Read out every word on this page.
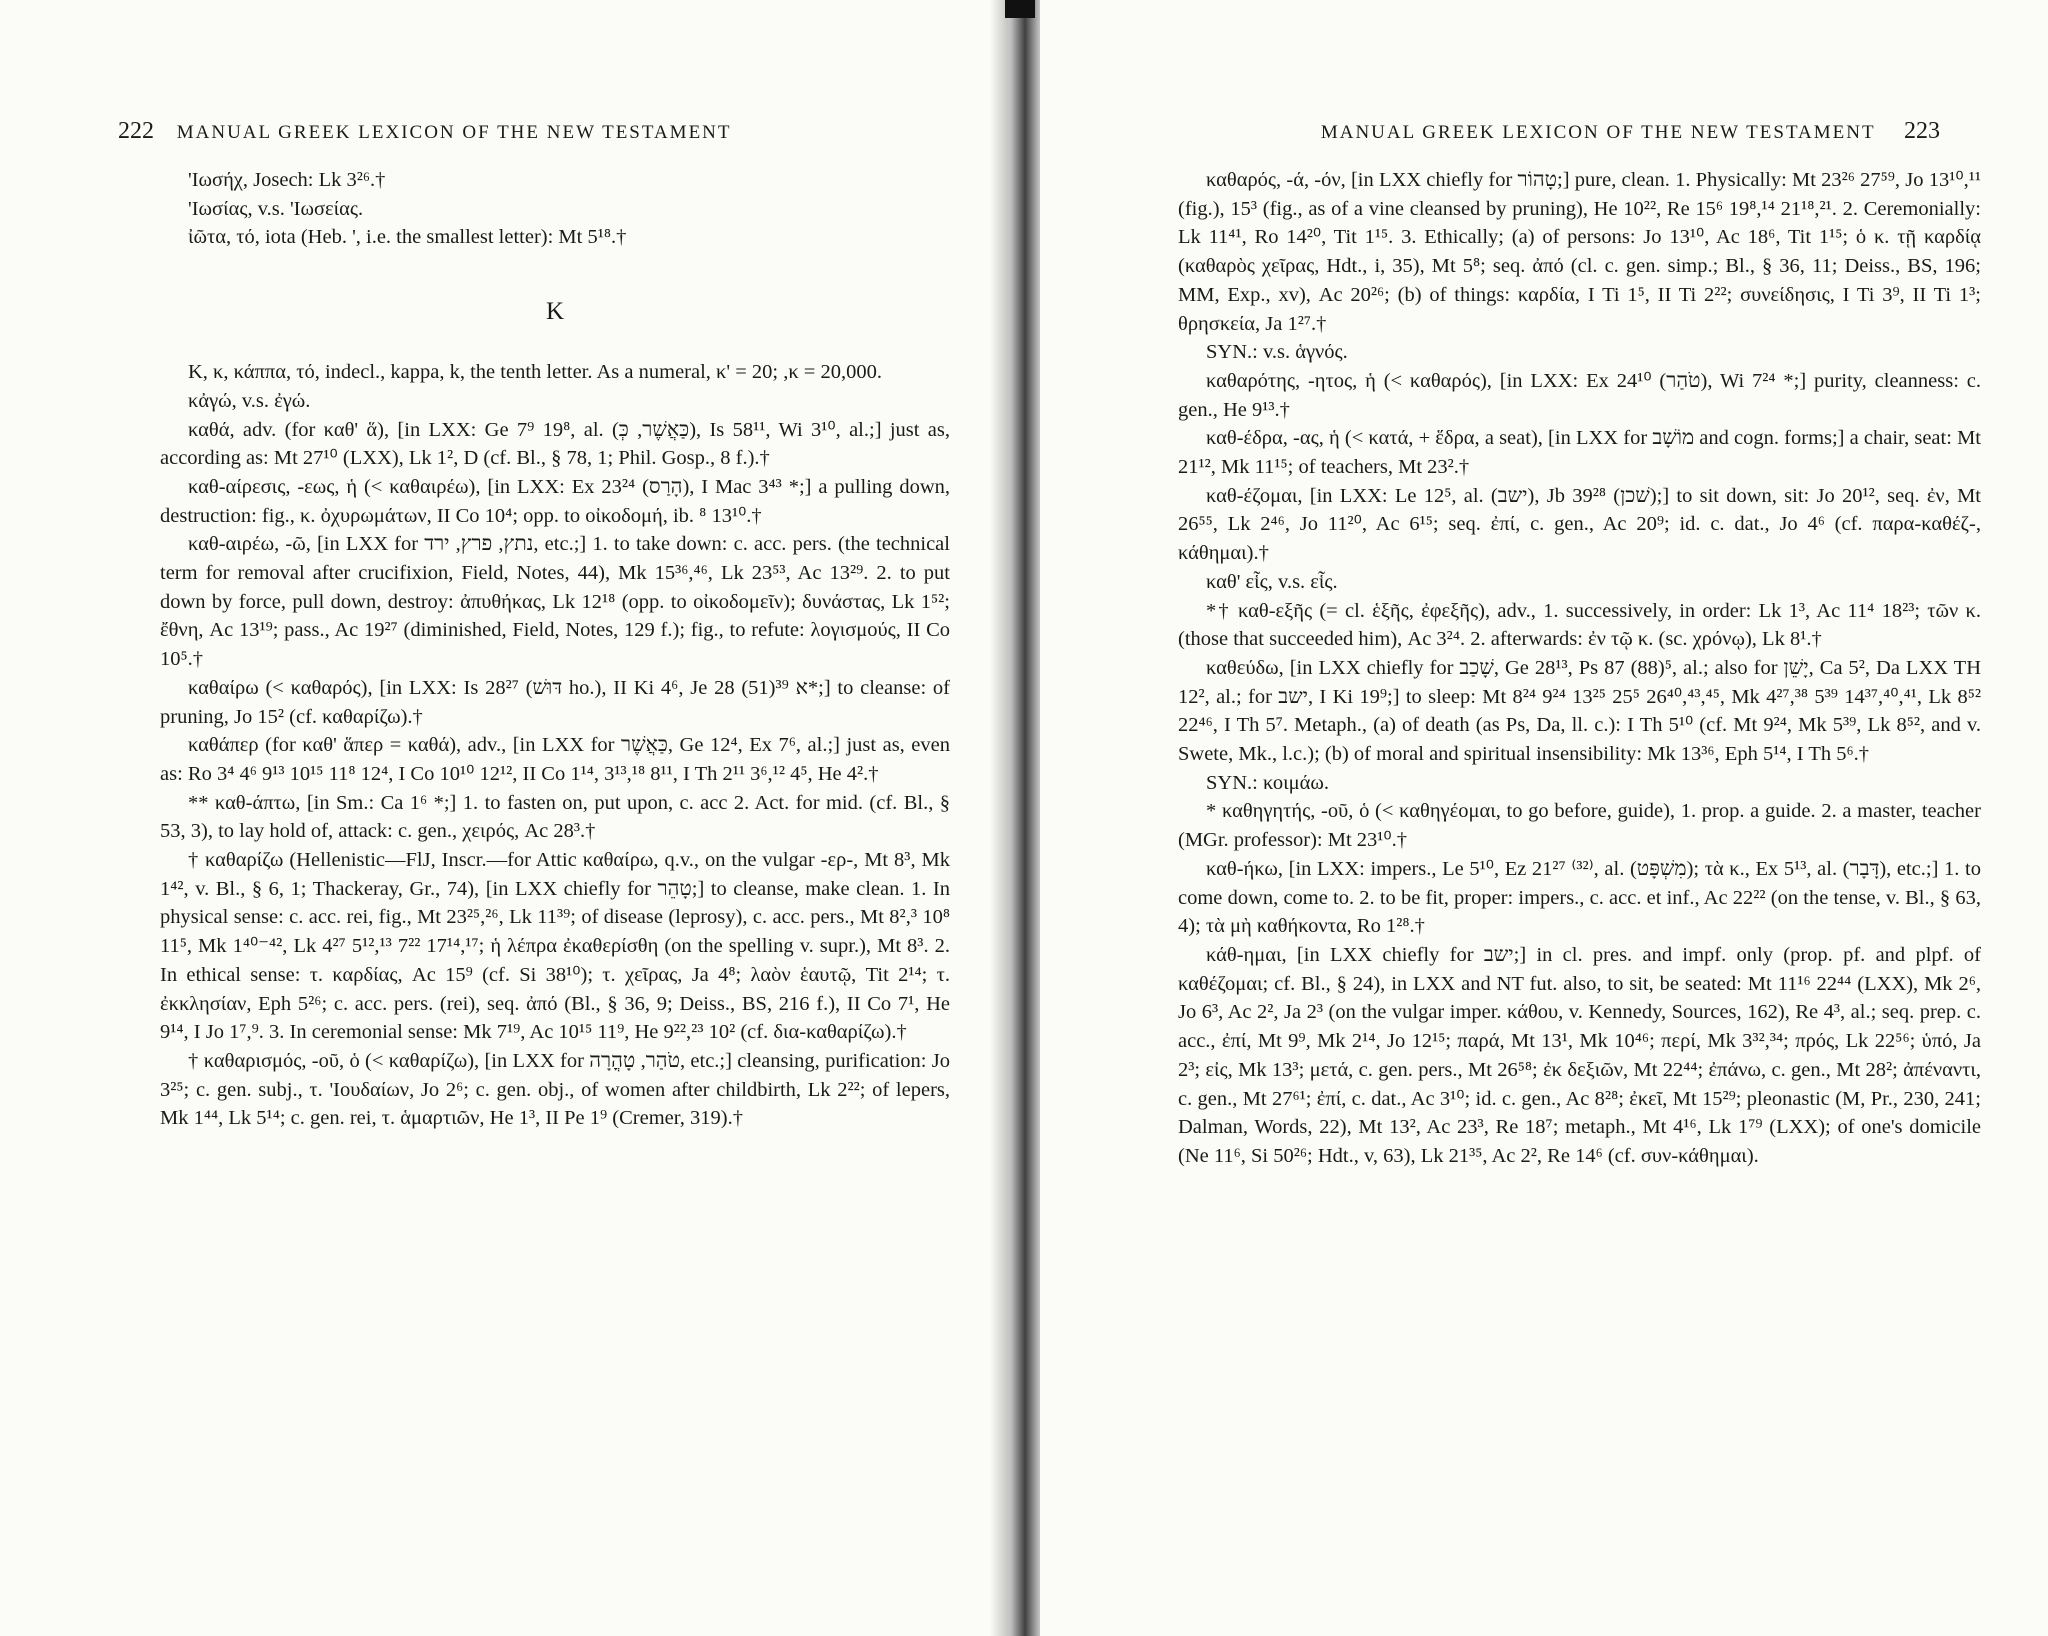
222 MANUAL GREEK LEXICON OF THE NEW TESTAMENT

'Ιωσήχ, Josech: Lk 3²⁶.†

'Ιωσίας, v.s. 'Ιωσείας.

ἰῶτα, τό, iota (Heb. ', i.e. the smallest letter): Mt 5¹⁸.†

K

K, κ, κάππα, τό, indecl., kappa, k, the tenth letter. As a numeral, κ' = 20; ,κ = 20,000.

κἀγώ, v.s. ἐγώ.

καθά, adv. (for καθ' ἅ), [in LXX: Ge 7⁹ 19⁸, al. (כַּאֲשֶׁר, כְּ), Is 58¹¹, Wi 3¹⁰, al.;] just as, according as: Mt 27¹⁰ (LXX), Lk 1², D (cf. Bl., § 78, 1; Phil. Gosp., 8 f.).†

καθ-αίρεσις, -εως, ἡ (< καθαιρέω), [in LXX: Ex 23²⁴ (הָרַס), I Mac 3⁴³ *;] a pulling down, destruction: fig., κ. ὀχυρωμάτων, II Co 10⁴; opp. to οἰκοδομή, ib. ⁸ 13¹⁰.†

καθ-αιρέω, -ῶ, [in LXX for נתץ, פרץ, ירד, etc.;] 1. to take down: c. acc. pers. (the technical term for removal after crucifixion, Field, Notes, 44), Mk 15³⁶,⁴⁶, Lk 23⁵³, Ac 13²⁹. 2. to put down by force, pull down, destroy: ἀπυθήκας, Lk 12¹⁸ (opp. to οἰκοδομεῖν); δυνάστας, Lk 1⁵²; ἔθνη, Ac 13¹⁹; pass., Ac 19²⁷ (diminished, Field, Notes, 129 f.); fig., to refute: λογισμούς, II Co 10⁵.†

καθαίρω (< καθαρός), [in LXX: Is 28²⁷ (דּוּשׁ ho.), II Ki 4⁶, Je 28 (51)³⁹ א*;] to cleanse: of pruning, Jo 15² (cf. καθαρίζω).†

καθάπερ (for καθ' ἅπερ = καθά), adv., [in LXX for כַּאֲשֶׁר, Ge 12⁴, Ex 7⁶, al.;] just as, even as: Ro 3⁴ 4⁶ 9¹³ 10¹⁵ 11⁸ 12⁴, I Co 10¹⁰ 12¹², II Co 1¹⁴, 3¹³,¹⁸ 8¹¹, I Th 2¹¹ 3⁶,¹² 4⁵, He 4².†

** καθ-άπτω, [in Sm.: Ca 1⁶ *;] 1. to fasten on, put upon, c. acc 2. Act. for mid. (cf. Bl., § 53, 3), to lay hold of, attack: c. gen., χειρός, Ac 28³.†

† καθαρίζω (Hellenistic—FlJ, Inscr.—for Attic καθαίρω, q.v., on the vulgar -ερ-, Mt 8³, Mk 1⁴², v. Bl., § 6, 1; Thackeray, Gr., 74), [in LXX chiefly for טָהֵר;] to cleanse, make clean. 1. In physical sense: c. acc. rei, fig., Mt 23²⁵,²⁶, Lk 11³⁹; of disease (leprosy), c. acc. pers., Mt 8²,³ 10⁸ 11⁵, Mk 1⁴⁰⁻⁴², Lk 4²⁷ 5¹²,¹³ 7²² 17¹⁴,¹⁷; ἡ λέπρα ἐκαθερίσθη (on the spelling v. supr.), Mt 8³. 2. In ethical sense: τ. καρδίας, Ac 15⁹ (cf. Si 38¹⁰); τ. χεῖρας, Ja 4⁸; λαὸν ἑαυτῷ, Tit 2¹⁴; τ. ἐκκλησίαν, Eph 5²⁶; c. acc. pers. (rei), seq. ἀπό (Bl., § 36, 9; Deiss., BS, 216 f.), II Co 7¹, He 9¹⁴, I Jo 1⁷,⁹. 3. In ceremonial sense: Mk 7¹⁹, Ac 10¹⁵ 11⁹, He 9²²,²³ 10² (cf. δια-καθαρίζω).†

† καθαρισμός, -οῦ, ὁ (< καθαρίζω), [in LXX for טֹהַר, טָהֳרָה, etc.;] cleansing, purification: Jo 3²⁵; c. gen. subj., τ. 'Ιουδαίων, Jo 2⁶; c. gen. obj., of women after childbirth, Lk 2²²; of lepers, Mk 1⁴⁴, Lk 5¹⁴; c. gen. rei, τ. ἁμαρτιῶν, He 1³, II Pe 1⁹ (Cremer, 319).†

MANUAL GREEK LEXICON OF THE NEW TESTAMENT 223

καθαρός, -ά, -όν, [in LXX chiefly for טָהוֹר;] pure, clean. 1. Physically: Mt 23²⁶ 27⁵⁹, Jo 13¹⁰,¹¹ (fig.), 15³ (fig., as of a vine cleansed by pruning), He 10²², Re 15⁶ 19⁸,¹⁴ 21¹⁸,²¹. 2. Ceremonially: Lk 11⁴¹, Ro 14²⁰, Tit 1¹⁵. 3. Ethically; (a) of persons: Jo 13¹⁰, Ac 18⁶, Tit 1¹⁵; ὁ κ. τῇ καρδίᾳ (καθαρὸς χεῖρας, Hdt., i, 35), Mt 5⁸; seq. ἀπό (cl. c. gen. simp.; Bl., § 36, 11; Deiss., BS, 196; MM, Exp., xv), Ac 20²⁶; (b) of things: καρδία, I Ti 1⁵, II Ti 2²²; συνείδησις, I Ti 3⁹, II Ti 1³; θρησκεία, Ja 1²⁷.†

SYN.: v.s. ἁγνός.

καθαρότης, -ητος, ἡ (< καθαρός), [in LXX: Ex 24¹⁰ (טֹהַר), Wi 7²⁴ *;] purity, cleanness: c. gen., He 9¹³.†

καθ-έδρα, -ας, ἡ (< κατά, + ἕδρα, a seat), [in LXX for מוֹשָׁב and cogn. forms;] a chair, seat: Mt 21¹², Mk 11¹⁵; of teachers, Mt 23².†

καθ-έζομαι, [in LXX: Le 12⁵, al. (ישב), Jb 39²⁸ (שׁכן);] to sit down, sit: Jo 20¹², seq. ἐν, Mt 26⁵⁵, Lk 2⁴⁶, Jo 11²⁰, Ac 6¹⁵; seq. ἐπί, c. gen., Ac 20⁹; id. c. dat., Jo 4⁶ (cf. παρα-καθέζ-, κάθημαι).†

καθ' εἷς, v.s. εἷς.

*† καθ-εξῆς (= cl. ἑξῆς, ἐφεξῆς), adv., 1. successively, in order: Lk 1³, Ac 11⁴ 18²³; τῶν κ. (those that succeeded him), Ac 3²⁴. 2. afterwards: ἐν τῷ κ. (sc. χρόνῳ), Lk 8¹.†

καθεύδω, [in LXX chiefly for שָׁכַב, Ge 28¹³, Ps 87 (88)⁵, al.; also for יָשֵׁן, Ca 5², Da LXX TH 12², al.; for ישב, I Ki 19⁹;] to sleep: Mt 8²⁴ 9²⁴ 13²⁵ 25⁵ 26⁴⁰,⁴³,⁴⁵, Mk 4²⁷,³⁸ 5³⁹ 14³⁷,⁴⁰,⁴¹, Lk 8⁵² 22⁴⁶, I Th 5⁷. Metaph., (a) of death (as Ps, Da, ll. c.): I Th 5¹⁰ (cf. Mt 9²⁴, Mk 5³⁹, Lk 8⁵², and v. Swete, Mk., l.c.); (b) of moral and spiritual insensibility: Mk 13³⁶, Eph 5¹⁴, I Th 5⁶.†

SYN.: κοιμάω.

* καθηγητής, -οῦ, ὁ (< καθηγέομαι, to go before, guide), 1. prop. a guide. 2. a master, teacher (MGr. professor): Mt 23¹⁰.†

καθ-ήκω, [in LXX: impers., Le 5¹⁰, Ez 21²⁷ ⁽³²⁾, al. (מִשְׁפָּט); τὰ κ., Ex 5¹³, al. (דָּבָר), etc.;] 1. to come down, come to. 2. to be fit, proper: impers., c. acc. et inf., Ac 22²² (on the tense, v. Bl., § 63, 4); τὰ μὴ καθήκοντα, Ro 1²⁸.†

κάθ-ημαι, [in LXX chiefly for ישב;] in cl. pres. and impf. only (prop. pf. and plpf. of καθέζομαι; cf. Bl., § 24), in LXX and NT fut. also, to sit, be seated: Mt 11¹⁶ 22⁴⁴ (LXX), Mk 2⁶, Jo 6³, Ac 2², Ja 2³ (on the vulgar imper. κάθου, v. Kennedy, Sources, 162), Re 4³, al.; seq. prep. c. acc., ἐπί, Mt 9⁹, Mk 2¹⁴, Jo 12¹⁵; παρά, Mt 13¹, Mk 10⁴⁶; περί, Mk 3³²,³⁴; πρός, Lk 22⁵⁶; ὑπό, Ja 2³; εἰς, Mk 13³; μετά, c. gen. pers., Mt 26⁵⁸; ἐκ δεξιῶν, Mt 22⁴⁴; ἐπάνω, c. gen., Mt 28²; ἀπέναντι, c. gen., Mt 27⁶¹; ἐπί, c. dat., Ac 3¹⁰; id. c. gen., Ac 8²⁸; ἐκεῖ, Mt 15²⁹; pleonastic (M, Pr., 230, 241; Dalman, Words, 22), Mt 13², Ac 23³, Re 18⁷; metaph., Mt 4¹⁶, Lk 1⁷⁹ (LXX); of one's domicile (Ne 11⁶, Si 50²⁶; Hdt., v, 63), Lk 21³⁵, Ac 2², Re 14⁶ (cf. συν-κάθημαι).
